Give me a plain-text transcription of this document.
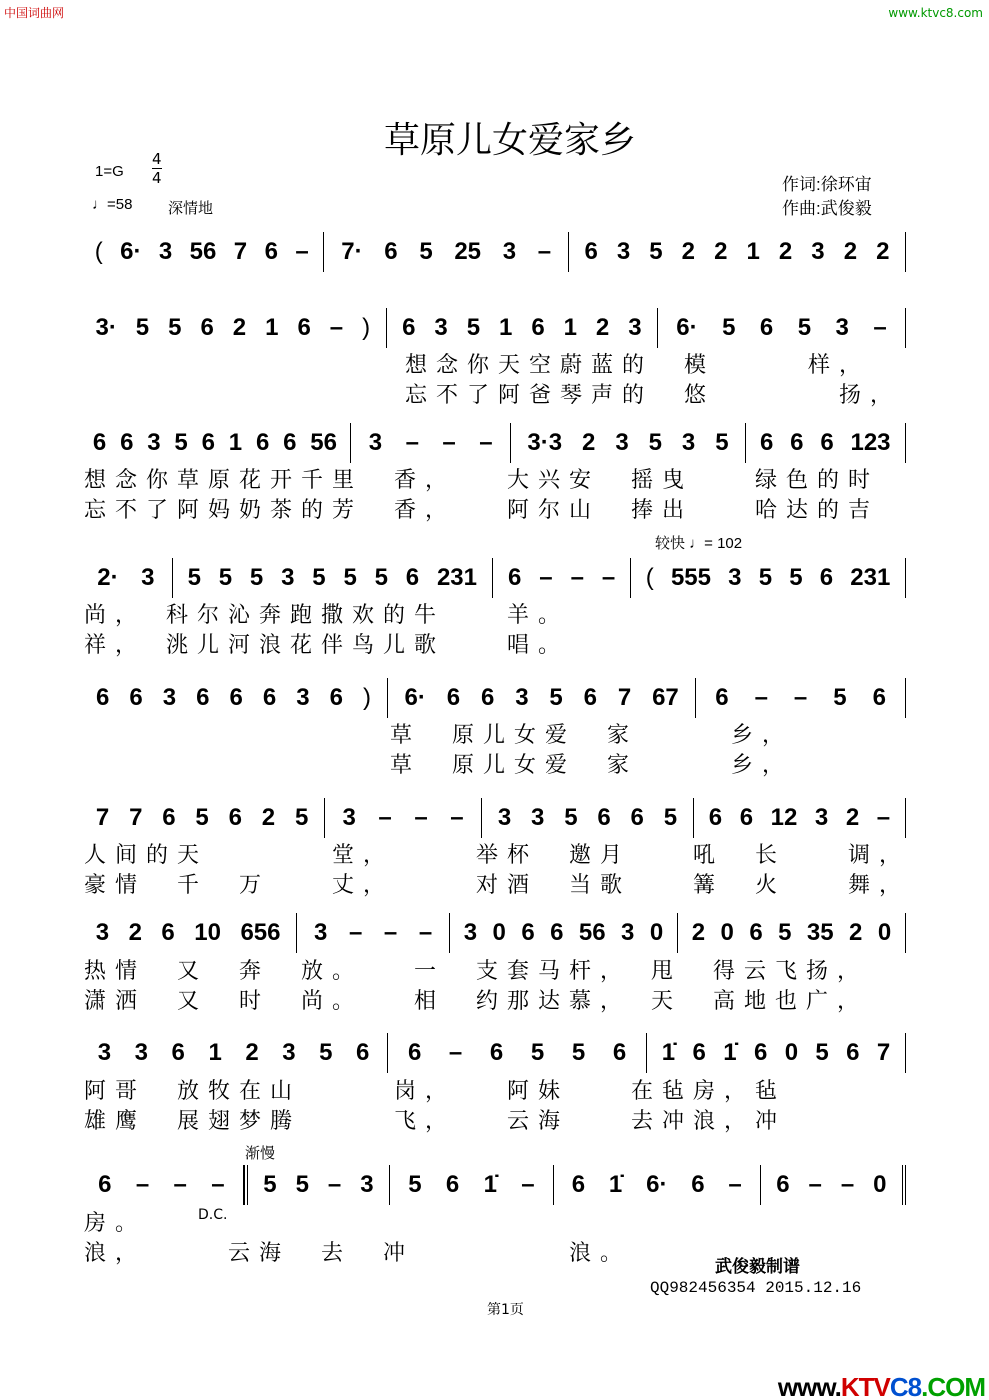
中国词曲网	www.ktvc8.com
草原儿女爱家乡
$1=G \frac{4}{4}$
♩=58 深情地
作词:徐环宙
作曲:武俊毅
( 6· 3 56 7 6 – 7· 6 5 25 3 – 6 3 5 2 2 1 2 3 2 2
3· 5 5 6 2 1 6 – ) 6 3 5 1 6 1 2 3 6· 5 6 5 3 –
6 6 3 5 6 1 6 6 56 3 – – – 3·3 2 3 5 3 5 6 6 6 123
2· 3 5 5 5 3 5 5 5 6 231 6 – – – ( 555 3 5 5 6 231
6 6 3 6 6 6 3 6 ) 6· 6 6 3 5 6 7 67 6 – – 5 6
7 7 6 5 6 2 5 3 – – – 3 3 5 6 6 5 6 6 12 3 2 –
3 2 6 10 656 3 – – – 3 0 6 6 56 3 0 2 0 6 5 35 2 0
3 3 6 1 2 3 5 6 6 – 6 5 5 6 1̇ 6 1̇ 6 0 5 6 7
6 – – – 5 5 – 3 5 6 1̇ – 6 1̇ 6· 6 – 6 – – 0
较快 ♩= 102
渐慢
D.C.
想念你天空蔚蓝的　模　　　样，
忘不了阿爸琴声的　悠　　　　扬，
想念你草原花开千里　香，　　大兴安　摇曳　　绿色的时
忘不了阿妈奶茶的芳　香，　　阿尔山　捧出　　哈达的吉
尚，　科尔沁奔跑撒欢的牛　　羊。
祥，　洮儿河浪花伴鸟儿歌　　唱。
草　原儿女爱　家　　　乡，
草　原儿女爱　家　　　乡，
人间的天　　　　堂，　　　举杯　邀月　　吼　长　　调，
豪情　千　万　　丈，　　　对酒　当歌　　篝　火　　舞，
热情　又　奔　放。　　一　支套马杆，　甩　得云飞扬，
潇洒　又　时　尚。　　相　约那达慕，　天　高地也广，
阿哥　放牧在山　　　岗，　　阿妹　　在毡房，毡
雄鹰　展翅梦腾　　　飞，　　云海　　去冲浪，冲
房。
浪，　　　云海　去　冲　　　　　浪。
武俊毅制谱
QQ982456354 2015.12.16
第1页
www.KTVC8.COM
